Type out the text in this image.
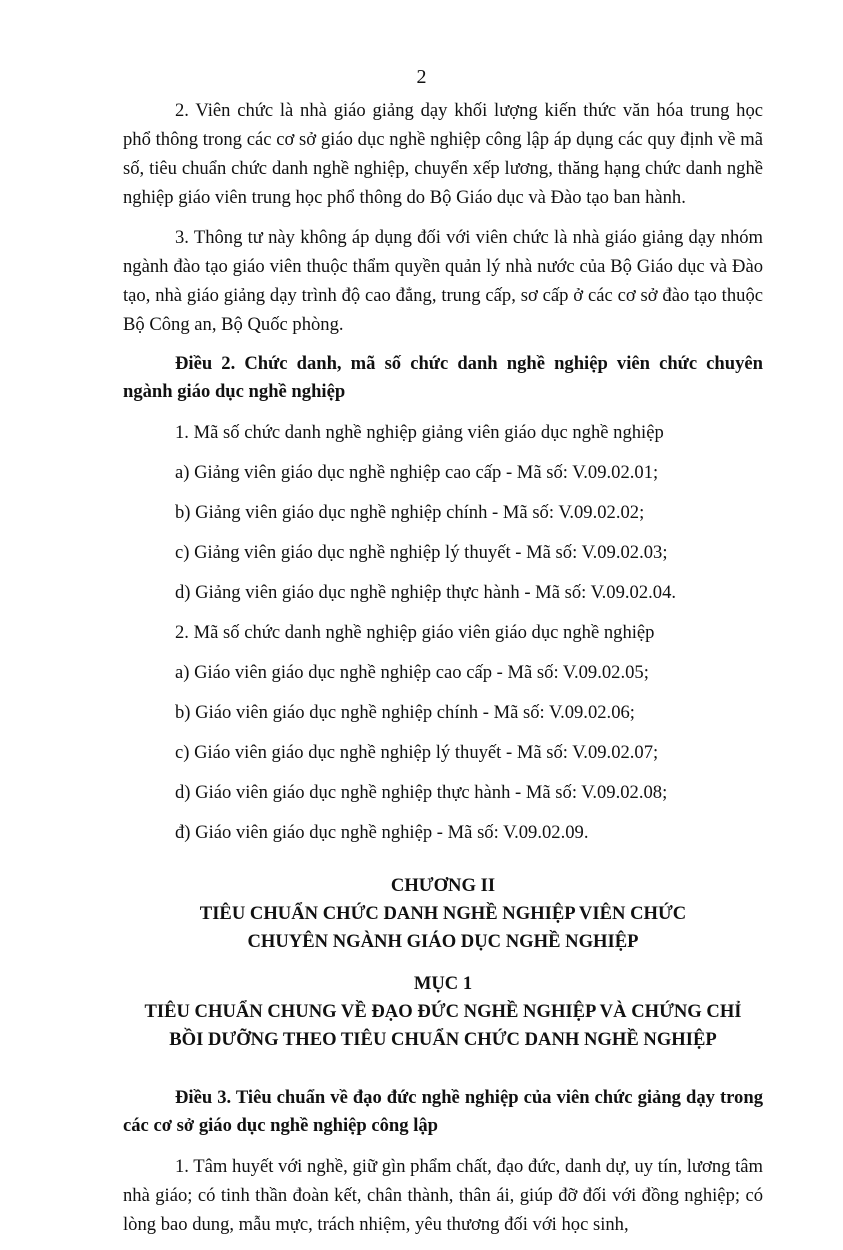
2

2. Viên chức là nhà giáo giảng dạy khối lượng kiến thức văn hóa trung học phổ thông trong các cơ sở giáo dục nghề nghiệp công lập áp dụng các quy định về mã số, tiêu chuẩn chức danh nghề nghiệp, chuyển xếp lương, thăng hạng chức danh nghề nghiệp giáo viên trung học phổ thông do Bộ Giáo dục và Đào tạo ban hành.

3. Thông tư này không áp dụng đối với viên chức là nhà giáo giảng dạy nhóm ngành đào tạo giáo viên thuộc thẩm quyền quản lý nhà nước của Bộ Giáo dục và Đào tạo, nhà giáo giảng dạy trình độ cao đẳng, trung cấp, sơ cấp ở các cơ sở đào tạo thuộc Bộ Công an, Bộ Quốc phòng.

Điều 2. Chức danh, mã số chức danh nghề nghiệp viên chức chuyên ngành giáo dục nghề nghiệp

1. Mã số chức danh nghề nghiệp giảng viên giáo dục nghề nghiệp

a) Giảng viên giáo dục nghề nghiệp cao cấp - Mã số: V.09.02.01;

b) Giảng viên giáo dục nghề nghiệp chính - Mã số: V.09.02.02;

c) Giảng viên giáo dục nghề nghiệp lý thuyết - Mã số: V.09.02.03;

d) Giảng viên giáo dục nghề nghiệp thực hành - Mã số: V.09.02.04.

2. Mã số chức danh nghề nghiệp giáo viên giáo dục nghề nghiệp

a) Giáo viên giáo dục nghề nghiệp cao cấp - Mã số: V.09.02.05;

b) Giáo viên giáo dục nghề nghiệp chính - Mã số: V.09.02.06;

c) Giáo viên giáo dục nghề nghiệp lý thuyết - Mã số: V.09.02.07;

d) Giáo viên giáo dục nghề nghiệp thực hành - Mã số: V.09.02.08;

đ) Giáo viên giáo dục nghề nghiệp - Mã số: V.09.02.09.

CHƯƠNG II

TIÊU CHUẨN CHỨC DANH NGHỀ NGHIỆP VIÊN CHỨC

CHUYÊN NGÀNH GIÁO DỤC NGHỀ NGHIỆP

MỤC 1

TIÊU CHUẨN CHUNG VỀ ĐẠO ĐỨC NGHỀ NGHIỆP VÀ CHỨNG CHỈ

BỒI DƯỠNG THEO TIÊU CHUẨN CHỨC DANH NGHỀ NGHIỆP

Điều 3. Tiêu chuẩn về đạo đức nghề nghiệp của viên chức giảng dạy trong các cơ sở giáo dục nghề nghiệp công lập

1. Tâm huyết với nghề, giữ gìn phẩm chất, đạo đức, danh dự, uy tín, lương tâm nhà giáo; có tinh thần đoàn kết, chân thành, thân ái, giúp đỡ đối với đồng nghiệp; có lòng bao dung, mẫu mực, trách nhiệm, yêu thương đối với học sinh,
